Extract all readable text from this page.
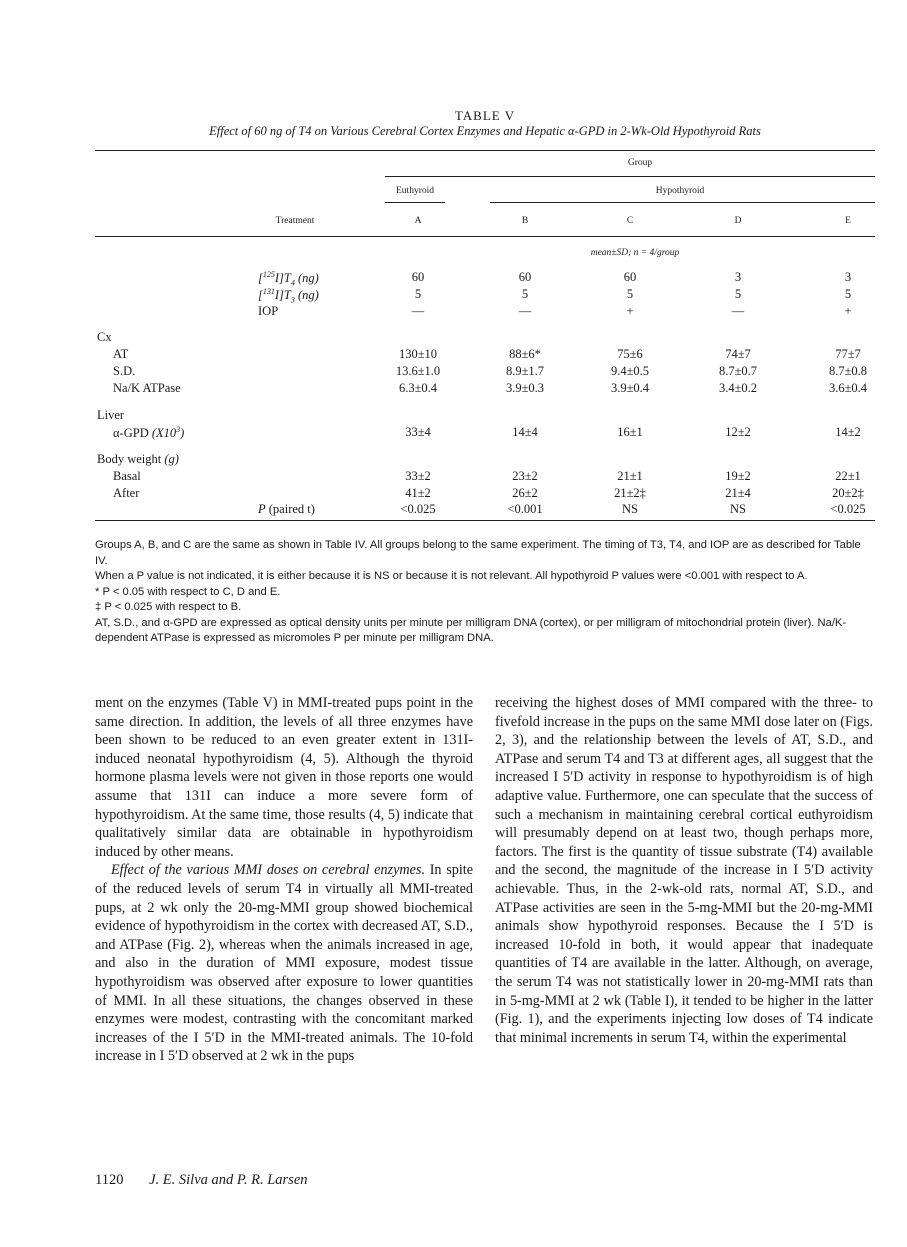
TABLE V
Effect of 60 ng of T4 on Various Cerebral Cortex Enzymes and Hepatic α-GPD in 2-Wk-Old Hypothyroid Rats
Group
Euthyroid	Hypothyroid
Treatment	A	B	C	D	E
mean±SD; n = 4/group
$[^{125}I]T_4$ (ng)	60	60	60	3	3
$[^{131}I]T_3$ (ng)	5	5	5	5	5
IOP	—	—	+	—	+
Cx
AT	130±10	88±6*	75±6	74±7	77±7
S.D.	13.6±1.0	8.9±1.7	9.4±0.5	8.7±0.7	8.7±0.8
Na/K ATPase	6.3±0.4	3.9±0.3	3.9±0.4	3.4±0.2	3.6±0.4
Liver
α-GPD $(X10^3)$	33±4	14±4	16±1	12±2	14±2
Body weight (g)
Basal	33±2	23±2	21±1	19±2	22±1
After	41±2	26±2	21±2‡	21±4	20±2‡
P (paired t)	<0.025	<0.001	NS	NS	<0.025

Groups A, B, and C are the same as shown in Table IV. All groups belong to the same experiment. The timing of T3, T4, and IOP are as described for Table IV.

When a P value is not indicated, it is either because it is NS or because it is not relevant. All hypothyroid P values were <0.001 with respect to A.

* P < 0.05 with respect to C, D and E.

‡ P < 0.025 with respect to B.

AT, S.D., and α-GPD are expressed as optical density units per minute per milligram DNA (cortex), or per milligram of mitochondrial protein (liver). Na/K-dependent ATPase is expressed as micromoles P per minute per milligram DNA.

ment on the enzymes (Table V) in MMI-treated pups point in the same direction. In addition, the levels of all three enzymes have been shown to be reduced to an even greater extent in 131I-induced neonatal hypothyroidism (4, 5). Although the thyroid hormone plasma levels were not given in those reports one would assume that 131I can induce a more severe form of hypothyroidism. At the same time, those results (4, 5) indicate that qualitatively similar data are obtainable in hypothyroidism induced by other means.

Effect of the various MMI doses on cerebral enzymes. In spite of the reduced levels of serum T4 in virtually all MMI-treated pups, at 2 wk only the 20-mg-MMI group showed biochemical evidence of hypothyroidism in the cortex with decreased AT, S.D., and ATPase (Fig. 2), whereas when the animals increased in age, and also in the duration of MMI exposure, modest tissue hypothyroidism was observed after exposure to lower quantities of MMI. In all these situations, the changes observed in these enzymes were modest, contrasting with the concomitant marked increases of the I 5′D in the MMI-treated animals. The 10-fold increase in I 5′D observed at 2 wk in the pups

receiving the highest doses of MMI compared with the three- to fivefold increase in the pups on the same MMI dose later on (Figs. 2, 3), and the relationship between the levels of AT, S.D., and ATPase and serum T4 and T3 at different ages, all suggest that the increased I 5′D activity in response to hypothyroidism is of high adaptive value. Furthermore, one can speculate that the success of such a mechanism in maintaining cerebral cortical euthyroidism will presumably depend on at least two, though perhaps more, factors. The first is the quantity of tissue substrate (T4) available and the second, the magnitude of the increase in I 5′D activity achievable. Thus, in the 2-wk-old rats, normal AT, S.D., and ATPase activities are seen in the 5-mg-MMI but the 20-mg-MMI animals show hypothyroid responses. Because the I 5′D is increased 10-fold in both, it would appear that inadequate quantities of T4 are available in the latter. Although, on average, the serum T4 was not statistically lower in 20-mg-MMI rats than in 5-mg-MMI at 2 wk (Table I), it tended to be higher in the latter (Fig. 1), and the experiments injecting low doses of T4 indicate that minimal increments in serum T4, within the experimental

1120 J. E. Silva and P. R. Larsen
